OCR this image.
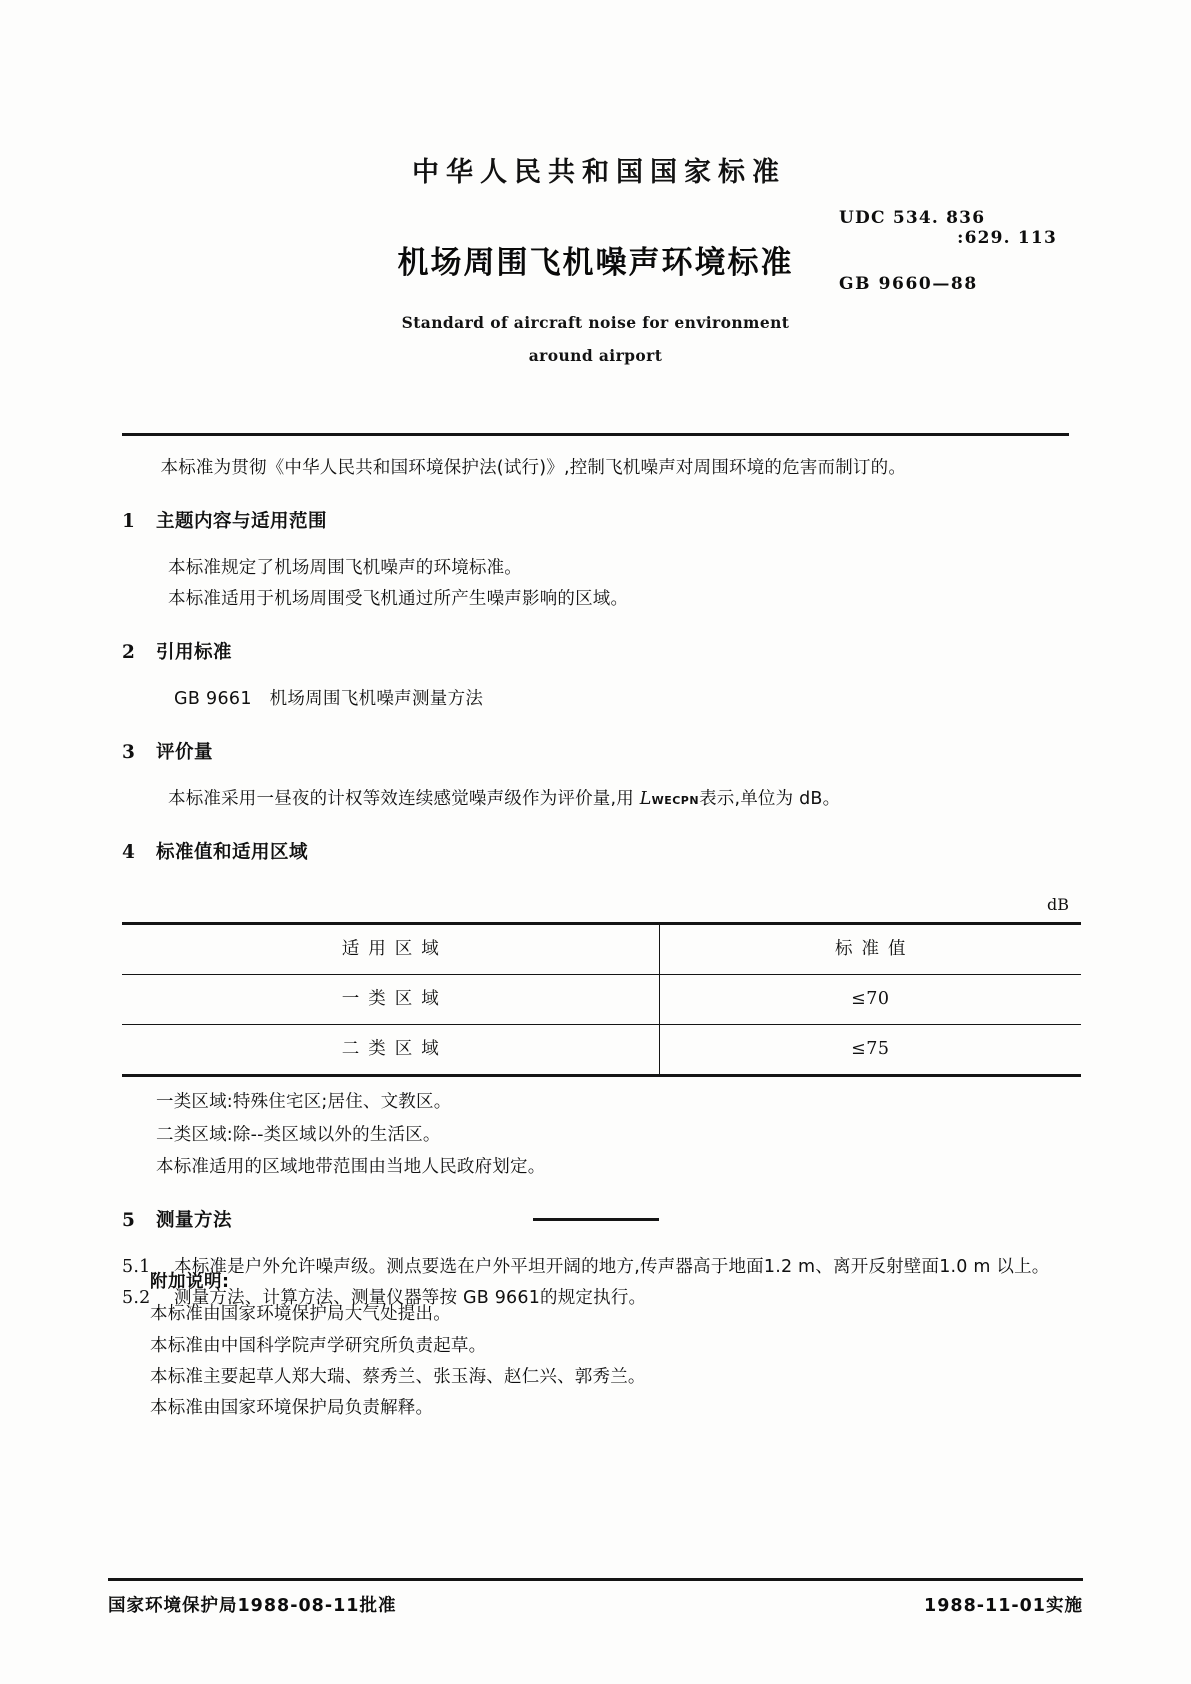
中华人民共和国国家标准
机场周围飞机噪声环境标准
Standard of aircraft noise for environment
around airport
UDC 534. 836
:629. 113
GB 9660—88

本标准为贯彻《中华人民共和国环境保护法(试行)》,控制飞机噪声对周围环境的危害而制订的。

1 主题内容与适用范围

本标准规定了机场周围飞机噪声的环境标准。

本标准适用于机场周围受飞机通过所产生噪声影响的区域。

2 引用标准

GB 9661　机场周围飞机噪声测量方法

3 评价量

本标准采用一昼夜的计权等效连续感觉噪声级作为评价量,用 LWECPN表示,单位为 dB。

4 标准值和适用区域
dB
适用区域	标准值
一类区域	≤70
二类区域	≤75

一类区域:特殊住宅区;居住、文教区。

二类区域:除--类区域以外的生活区。

本标准适用的区域地带范围由当地人民政府划定。

5 测量方法

5.1 本标准是户外允许噪声级。测点要选在户外平坦开阔的地方,传声器高于地面1.2 m、离开反射壁面1.0 m 以上。

5.2 测量方法、计算方法、测量仪器等按 GB 9661的规定执行。

附加说明:

本标准由国家环境保护局大气处提出。

本标准由中国科学院声学研究所负责起草。

本标准主要起草人郑大瑞、蔡秀兰、张玉海、赵仁兴、郭秀兰。

本标准由国家环境保护局负责解释。

国家环境保护局1988-08-11批准	1988-11-01实施
